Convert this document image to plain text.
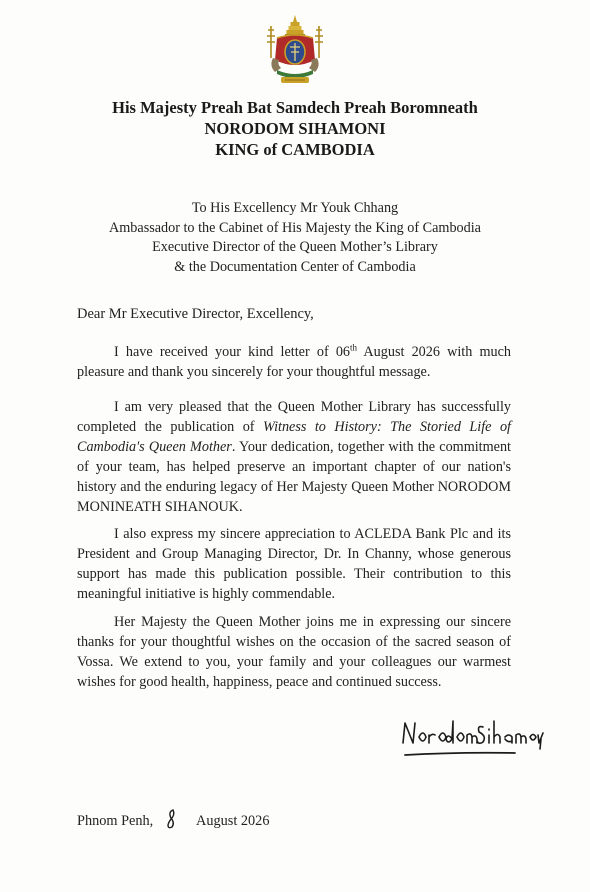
His Majesty Preah Bat Samdech Preah Boromneath
NORODOM SIHAMONI
KING of CAMBODIA
To His Excellency Mr Youk Chhang
Ambassador to the Cabinet of His Majesty the King of Cambodia
Executive Director of the Queen Mother’s Library
& the Documentation Center of Cambodia
Dear Mr Executive Director, Excellency,
I have received your kind letter of 06th August 2026 with much pleasure and thank you sincerely for your thoughtful message.
I am very pleased that the Queen Mother Library has successfully completed the publication of Witness to History: The Storied Life of Cambodia's Queen Mother. Your dedication, together with the commitment of your team, has helped preserve an important chapter of our nation's history and the enduring legacy of Her Majesty Queen Mother NORODOM MONINEATH SIHANOUK.
I also express my sincere appreciation to ACLEDA Bank Plc and its President and Group Managing Director, Dr. In Channy, whose generous support has made this publication possible. Their contribution to this meaningful initiative is highly commendable.
Her Majesty the Queen Mother joins me in expressing our sincere thanks for your thoughtful wishes on the occasion of the sacred season of Vossa. We extend to you, your family and your colleagues our warmest wishes for good health, happiness, peace and continued success.
Phnom Penh,	August 2026
